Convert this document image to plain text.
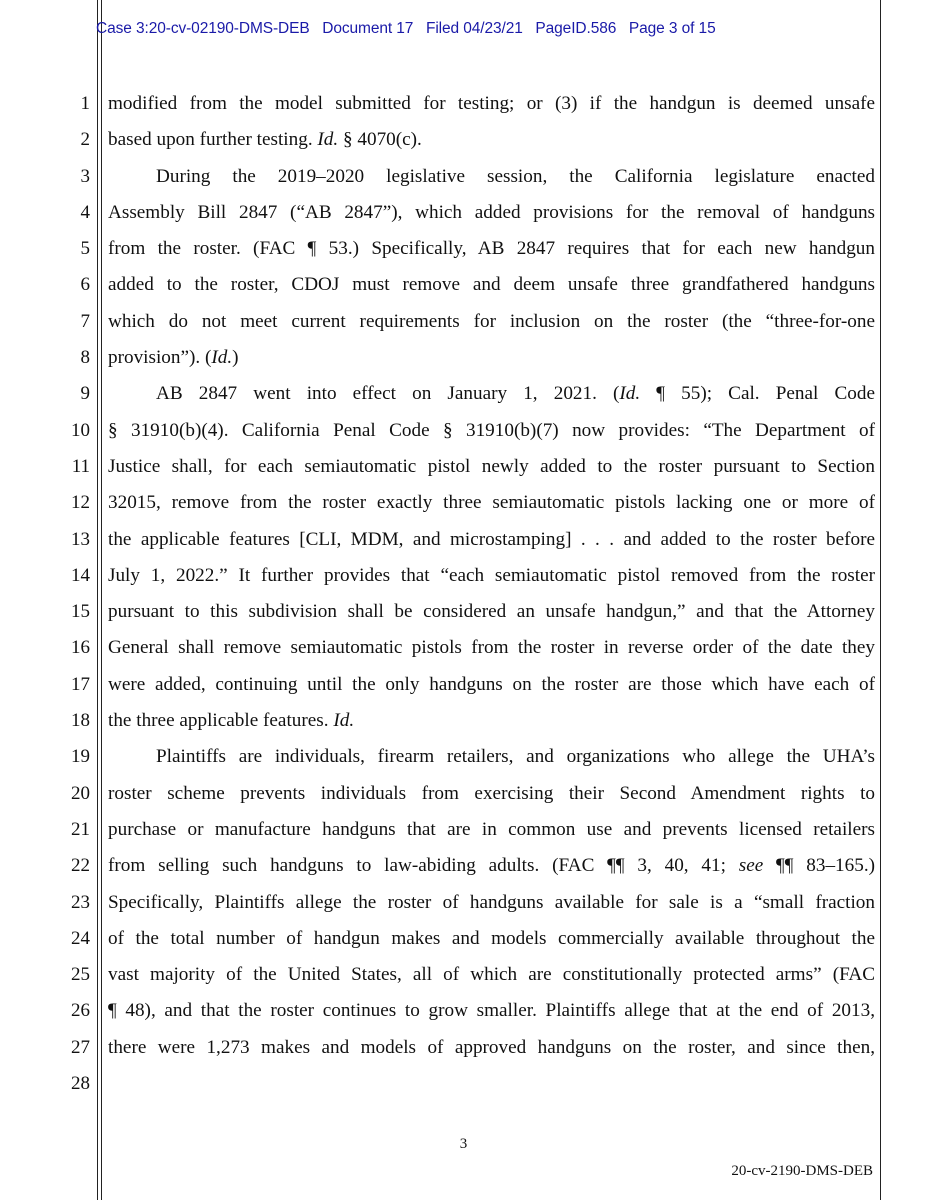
Case 3:20-cv-02190-DMS-DEB   Document 17   Filed 04/23/21   PageID.586   Page 3 of 15
1
2
3
4
5
6
7
8
9
10
11
12
13
14
15
16
17
18
19
20
21
22
23
24
25
26
27
28
modified from the model submitted for testing; or (3) if the handgun is deemed unsafe
based upon further testing. Id. § 4070(c).
During the 2019–2020 legislative session, the California legislature enacted
Assembly Bill 2847 (“AB 2847”), which added provisions for the removal of handguns
from the roster. (FAC ¶ 53.) Specifically, AB 2847 requires that for each new handgun
added to the roster, CDOJ must remove and deem unsafe three grandfathered handguns
which do not meet current requirements for inclusion on the roster (the “three-for-one
provision”). (Id.)
AB 2847 went into effect on January 1, 2021. (Id. ¶ 55); Cal. Penal Code
§ 31910(b)(4). California Penal Code § 31910(b)(7) now provides: “The Department of
Justice shall, for each semiautomatic pistol newly added to the roster pursuant to Section
32015, remove from the roster exactly three semiautomatic pistols lacking one or more of
the applicable features [CLI, MDM, and microstamping] . . . and added to the roster before
July 1, 2022.” It further provides that “each semiautomatic pistol removed from the roster
pursuant to this subdivision shall be considered an unsafe handgun,” and that the Attorney
General shall remove semiautomatic pistols from the roster in reverse order of the date they
were added, continuing until the only handguns on the roster are those which have each of
the three applicable features. Id.
Plaintiffs are individuals, firearm retailers, and organizations who allege the UHA’s
roster scheme prevents individuals from exercising their Second Amendment rights to
purchase or manufacture handguns that are in common use and prevents licensed retailers
from selling such handguns to law-abiding adults. (FAC ¶¶ 3, 40, 41; see ¶¶ 83–165.)
Specifically, Plaintiffs allege the roster of handguns available for sale is a “small fraction
of the total number of handgun makes and models commercially available throughout the
vast majority of the United States, all of which are constitutionally protected arms” (FAC
¶ 48), and that the roster continues to grow smaller. Plaintiffs allege that at the end of 2013,
there were 1,273 makes and models of approved handguns on the roster, and since then,
3
20-cv-2190-DMS-DEB
